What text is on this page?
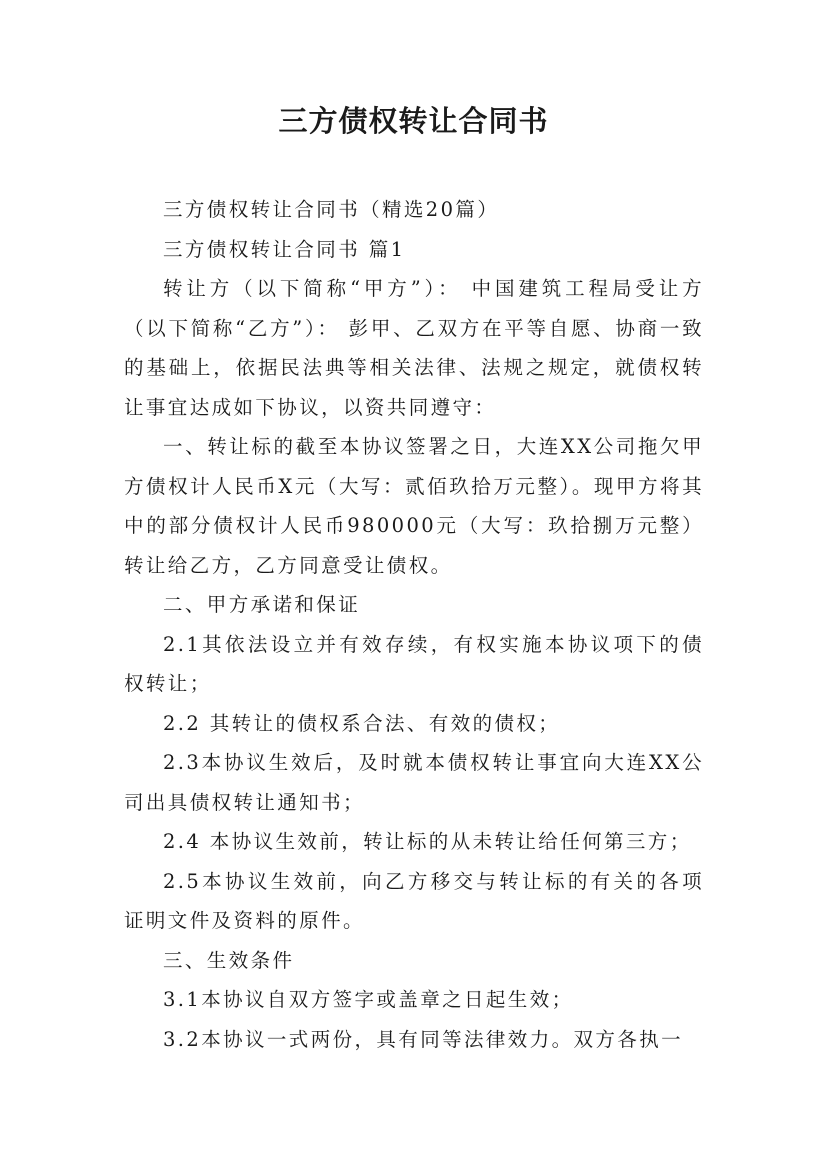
三方债权转让合同书

三方债权转让合同书（精选20篇）

三方债权转让合同书 篇1

转让方（以下简称“甲方”）： 中国建筑工程局受让方（以下简称“乙方”）： 彭甲、乙双方在平等自愿、协商一致的基础上，依据民法典等相关法律、法规之规定，就债权转让事宜达成如下协议，以资共同遵守：

一、转让标的截至本协议签署之日，大连XX公司拖欠甲方债权计人民币X元（大写：贰佰玖拾万元整）。现甲方将其中的部分债权计人民币980000元（大写：玖拾捌万元整）转让给乙方，乙方同意受让债权。

二、甲方承诺和保证

2.1其依法设立并有效存续，有权实施本协议项下的债权转让；

2.2 其转让的债权系合法、有效的债权；

2.3本协议生效后，及时就本债权转让事宜向大连XX公司出具债权转让通知书；

2.4 本协议生效前，转让标的从未转让给任何第三方；

2.5本协议生效前，向乙方移交与转让标的有关的各项证明文件及资料的原件。

三、生效条件

3.1本协议自双方签字或盖章之日起生效；

3.2本协议一式两份，具有同等法律效力。双方各执一
